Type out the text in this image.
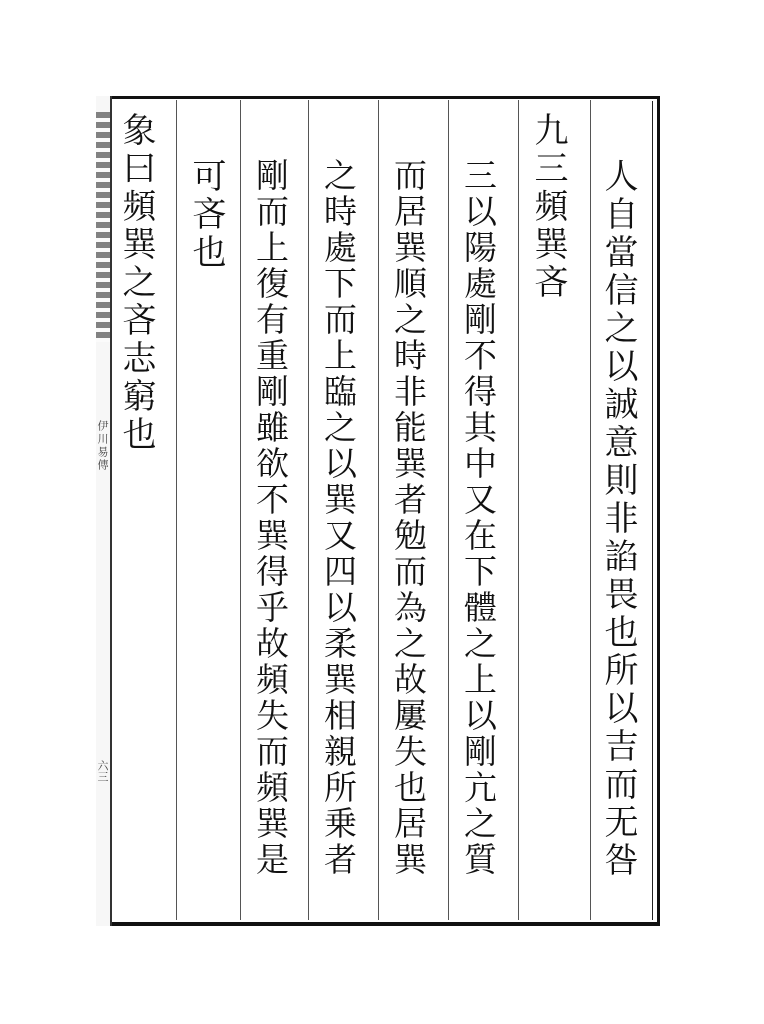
伊川易傳
六三	人自當信之以誠意則非諂畏也所以吉而无咎
九三頻巽吝
三以陽處剛不得其中又在下體之上以剛亢之質
而居巽順之時非能巽者勉而為之故屢失也居巽
之時處下而上臨之以巽又四以柔巽相親所乗者
剛而上復有重剛雖欲不巽得乎故頻失而頻巽是
可吝也
象曰頻巽之吝志窮也
